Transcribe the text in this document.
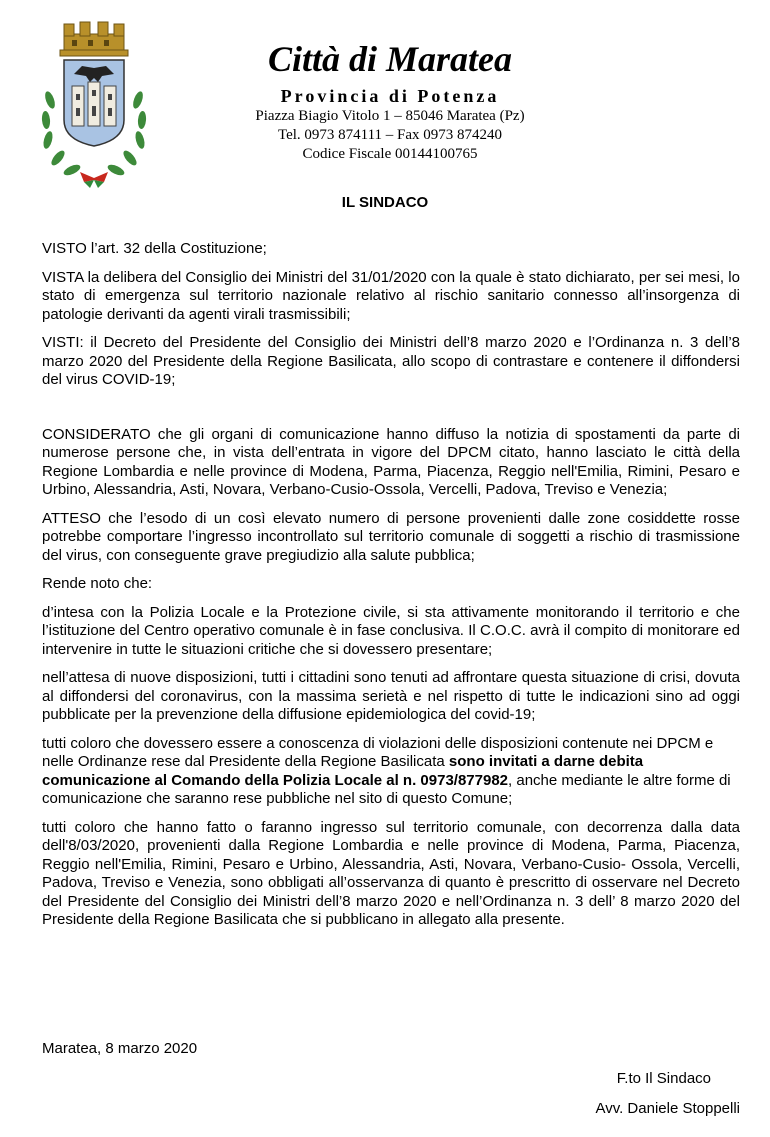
Città di Maratea
Provincia di Potenza
Piazza Biagio Vitolo 1 – 85046 Maratea (Pz)
Tel. 0973 874111 – Fax 0973 874240
Codice Fiscale 00144100765
IL SINDACO

VISTO l’art. 32 della Costituzione;

VISTA la delibera del Consiglio dei Ministri del 31/01/2020 con la quale è stato dichiarato, per sei mesi, lo stato di emergenza sul territorio nazionale relativo al rischio sanitario connesso all’insorgenza di patologie derivanti da agenti virali trasmissibili;

VISTI: il Decreto del Presidente del Consiglio dei Ministri dell’8 marzo 2020 e l’Ordinanza n. 3 dell’8 marzo 2020 del Presidente della Regione Basilicata, allo scopo di contrastare e contenere il diffondersi del virus COVID-19;

CONSIDERATO che gli organi di comunicazione hanno diffuso la notizia di spostamenti da parte di numerose persone che, in vista dell’entrata in vigore del DPCM citato, hanno lasciato le città della Regione Lombardia e nelle province di Modena, Parma, Piacenza, Reggio nell'Emilia, Rimini, Pesaro e Urbino, Alessandria, Asti, Novara, Verbano-Cusio-Ossola, Vercelli, Padova, Treviso e Venezia;

ATTESO che l’esodo di un così elevato numero di persone provenienti dalle zone cosiddette rosse potrebbe comportare l’ingresso incontrollato sul territorio comunale di soggetti a rischio di trasmissione del virus, con conseguente grave pregiudizio alla salute pubblica;

Rende noto che:

d’intesa con la Polizia Locale e la Protezione civile, si sta attivamente monitorando il territorio e che l’istituzione del Centro operativo comunale è in fase conclusiva. Il C.O.C. avrà il compito di monitorare ed intervenire in tutte le situazioni critiche che si dovessero presentare;

nell’attesa di nuove disposizioni, tutti i cittadini sono tenuti ad affrontare questa situazione di crisi, dovuta al diffondersi del coronavirus, con la massima serietà e nel rispetto di tutte le indicazioni sino ad oggi pubblicate per la prevenzione della diffusione epidemiologica del covid-19;

tutti coloro che dovessero essere a conoscenza di violazioni delle disposizioni contenute nei DPCM e nelle Ordinanze rese dal Presidente della Regione Basilicata sono invitati a darne debita comunicazione al Comando della Polizia Locale al n. 0973/877982, anche mediante le altre forme di comunicazione che saranno rese pubbliche nel sito di questo Comune;

tutti coloro che hanno fatto o faranno ingresso sul territorio comunale, con decorrenza dalla data dell'8/03/2020, provenienti dalla Regione Lombardia e nelle province di Modena, Parma, Piacenza, Reggio nell'Emilia, Rimini, Pesaro e Urbino, Alessandria, Asti, Novara, Verbano-Cusio- Ossola, Vercelli, Padova, Treviso e Venezia, sono obbligati all’osservanza di quanto è prescritto di osservare nel Decreto del Presidente del Consiglio dei Ministri dell’8 marzo 2020 e nell’Ordinanza n. 3 dell’ 8 marzo 2020 del Presidente della Regione Basilicata che si pubblicano in allegato alla presente.

Maratea, 8 marzo 2020
F.to Il Sindaco
Avv. Daniele Stoppelli
